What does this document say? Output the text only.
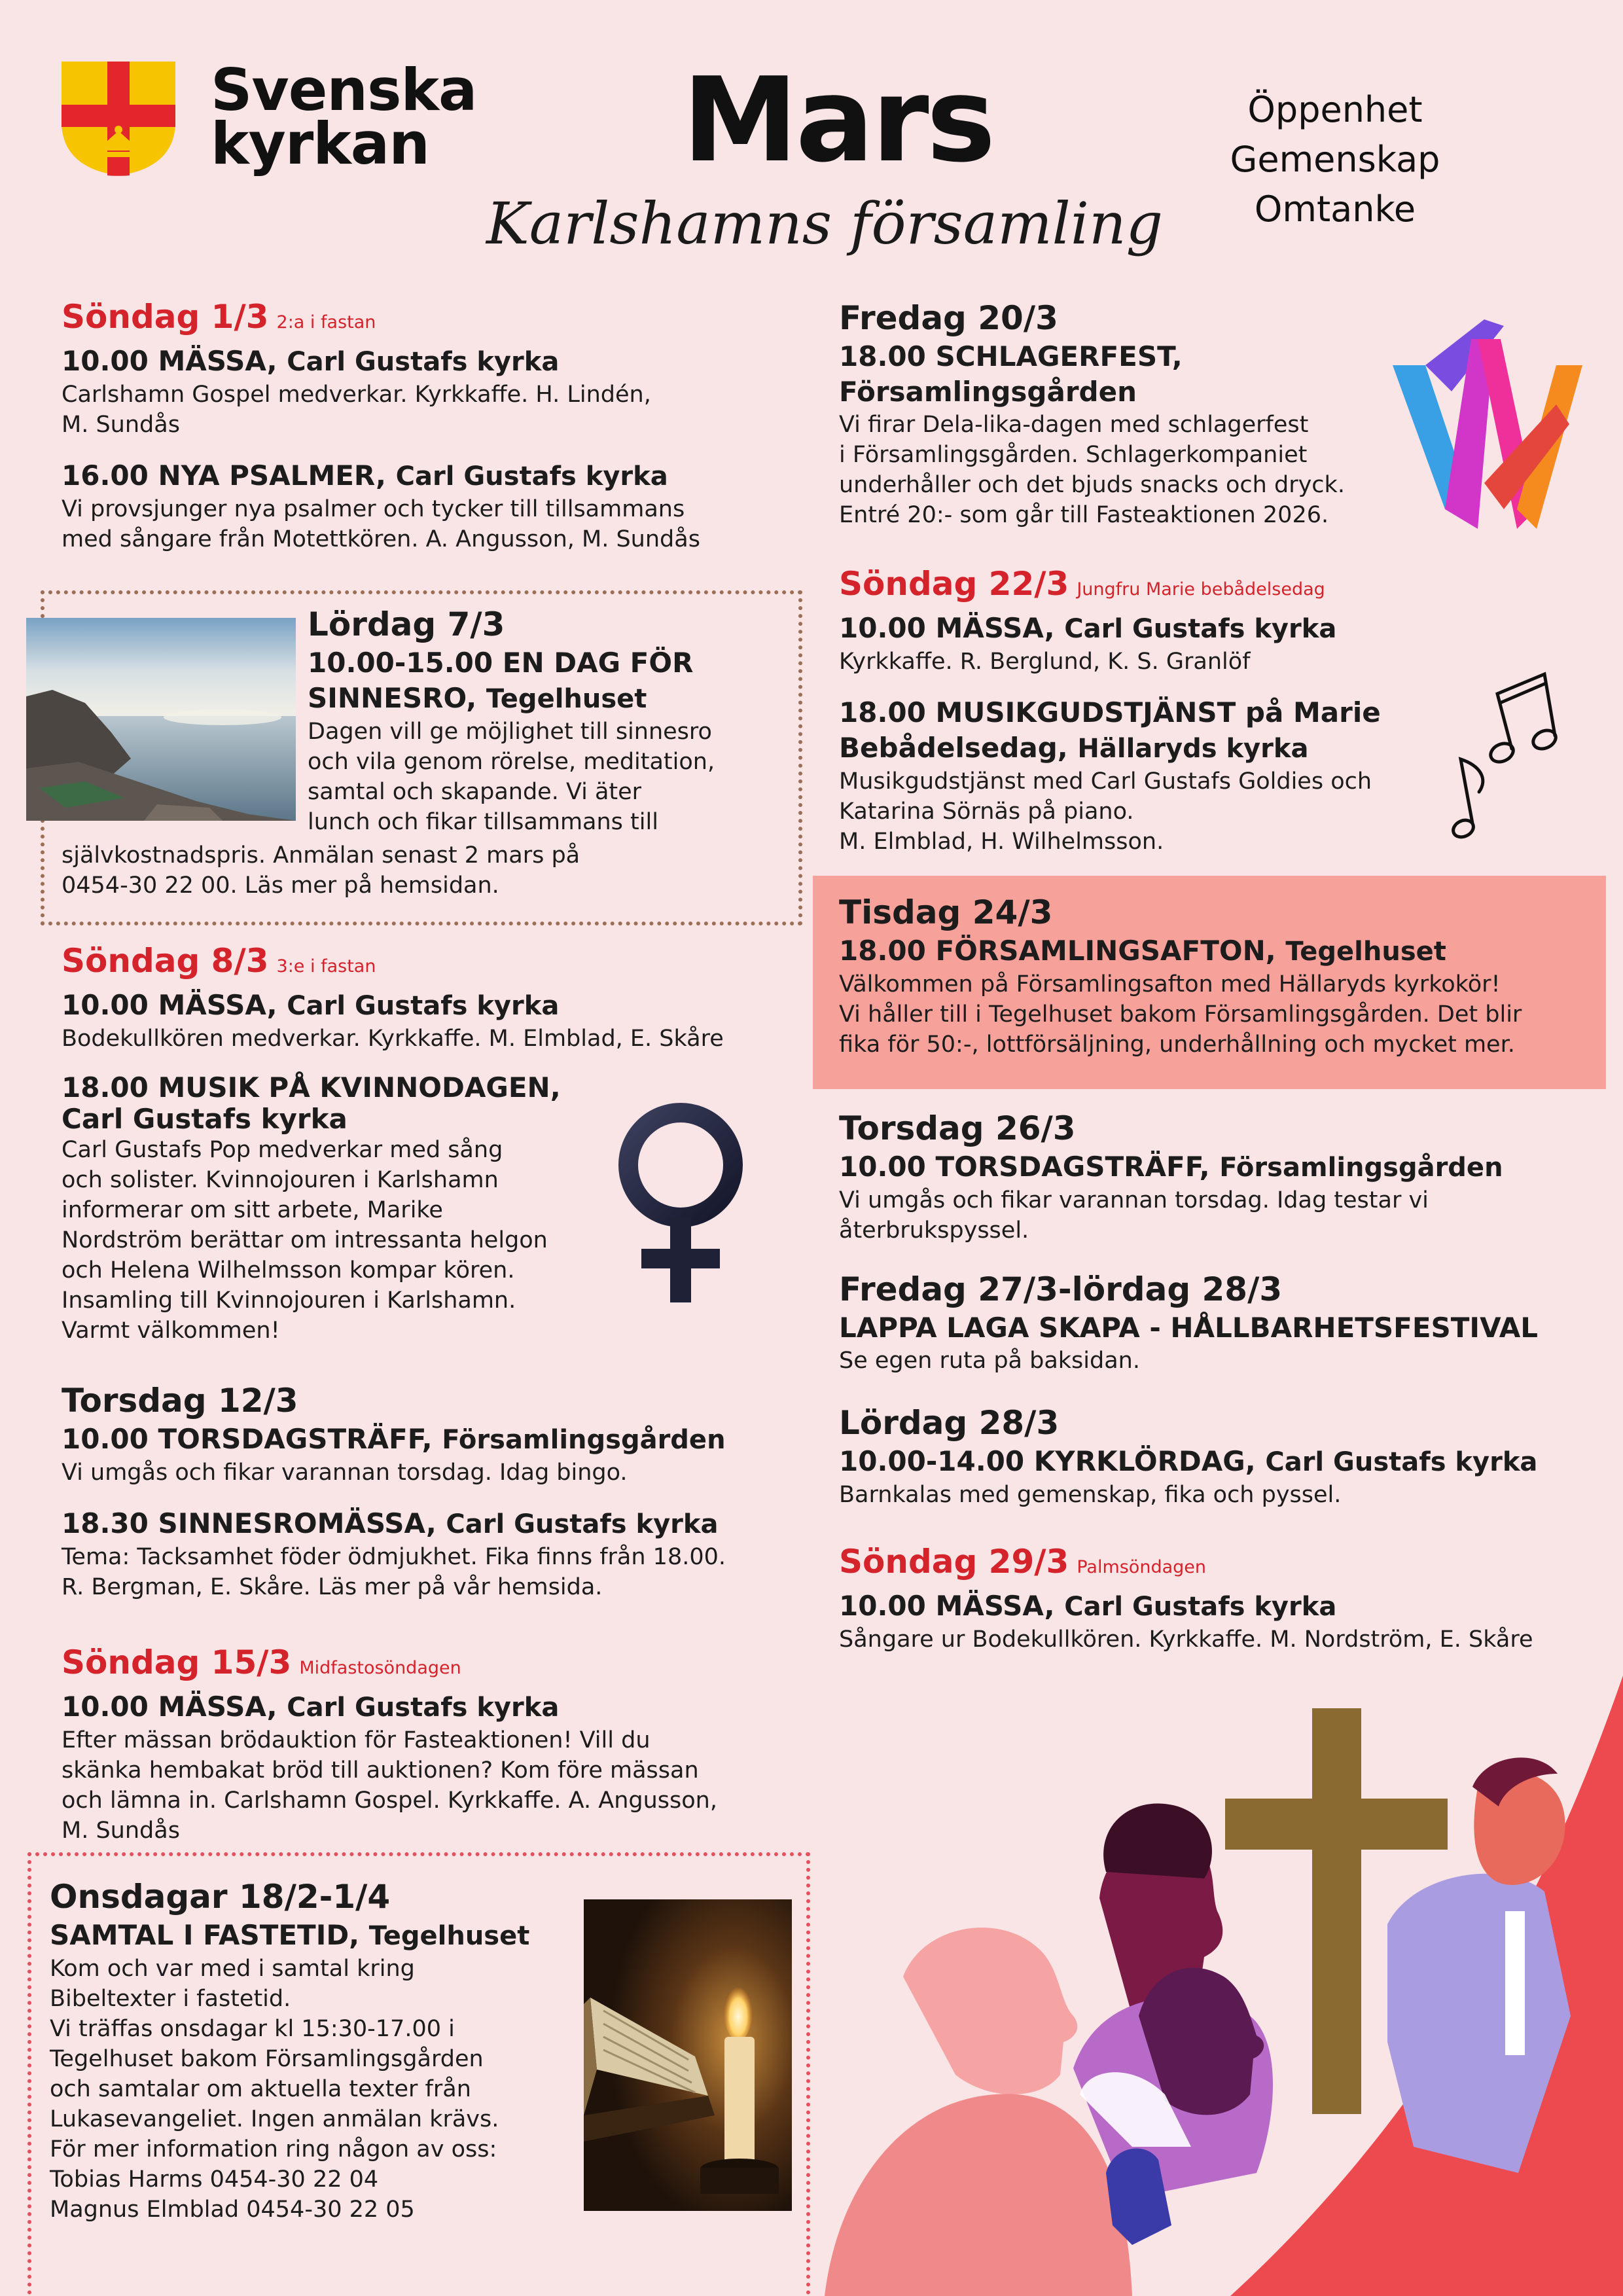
Svenska
kyrkan	Mars
Karlshamns församling
Öppenhet
Gemenskap
Omtanke
Söndag 1/3 2:a i fastan
10.00 MÄSSA, Carl Gustafs kyrka
Carlshamn Gospel medverkar. Kyrkkaffe. H. Lindén,
M. Sundås
16.00 NYA PSALMER, Carl Gustafs kyrka
Vi provsjunger nya psalmer och tycker till tillsammans
med sångare från Motettkören. A. Angusson, M. Sundås
Lördag 7/3
10.00-15.00 EN DAG FÖR
SINNESRO, Tegelhuset
Dagen vill ge möjlighet till sinnesro
och vila genom rörelse, meditation,
samtal och skapande. Vi äter
lunch och fikar tillsammans till
självkostnadspris. Anmälan senast 2 mars på
0454-30 22 00. Läs mer på hemsidan.
Söndag 8/3 3:e i fastan
10.00 MÄSSA, Carl Gustafs kyrka
Bodekullkören medverkar. Kyrkkaffe. M. Elmblad, E. Skåre
18.00 MUSIK PÅ KVINNODAGEN,
Carl Gustafs kyrka
Carl Gustafs Pop medverkar med sång
och solister. Kvinnojouren i Karlshamn
informerar om sitt arbete, Marike
Nordström berättar om intressanta helgon
och Helena Wilhelmsson kompar kören.
Insamling till Kvinnojouren i Karlshamn.
Varmt välkommen!
Torsdag 12/3
10.00 TORSDAGSTRÄFF, Församlingsgården
Vi umgås och fikar varannan torsdag. Idag bingo.
18.30 SINNESROMÄSSA, Carl Gustafs kyrka
Tema: Tacksamhet föder ödmjukhet. Fika finns från 18.00.
R. Bergman, E. Skåre. Läs mer på vår hemsida.
Söndag 15/3 Midfastosöndagen
10.00 MÄSSA, Carl Gustafs kyrka
Efter mässan brödauktion för Fasteaktionen! Vill du
skänka hembakat bröd till auktionen? Kom före mässan
och lämna in. Carlshamn Gospel. Kyrkkaffe. A. Angusson,
M. Sundås
Onsdagar 18/2-1/4
SAMTAL I FASTETID, Tegelhuset
Kom och var med i samtal kring
Bibeltexter i fastetid.
Vi träffas onsdagar kl 15:30-17.00 i
Tegelhuset bakom Församlingsgården
och samtalar om aktuella texter från
Lukasevangeliet. Ingen anmälan krävs.
För mer information ring någon av oss:
Tobias Harms 0454-30 22 04
Magnus Elmblad 0454-30 22 05
Fredag 20/3
18.00 SCHLAGERFEST,
Församlingsgården
Vi firar Dela-lika-dagen med schlagerfest
i Församlingsgården. Schlagerkompaniet
underhåller och det bjuds snacks och dryck.
Entré 20:- som går till Fasteaktionen 2026.
Söndag 22/3 Jungfru Marie bebådelsedag
10.00 MÄSSA, Carl Gustafs kyrka
Kyrkkaffe. R. Berglund, K. S. Granlöf
18.00 MUSIKGUDSTJÄNST på Marie
Bebådelsedag, Hällaryds kyrka
Musikgudstjänst med Carl Gustafs Goldies och
Katarina Sörnäs på piano.
M. Elmblad, H. Wilhelmsson.
Tisdag 24/3
18.00 FÖRSAMLINGSAFTON, Tegelhuset
Välkommen på Församlingsafton med Hällaryds kyrkokör!
Vi håller till i Tegelhuset bakom Församlingsgården. Det blir
fika för 50:-, lottförsäljning, underhållning och mycket mer.
Torsdag 26/3
10.00 TORSDAGSTRÄFF, Församlingsgården
Vi umgås och fikar varannan torsdag. Idag testar vi
återbrukspyssel.
Fredag 27/3-lördag 28/3
LAPPA LAGA SKAPA - HÅLLBARHETSFESTIVAL
Se egen ruta på baksidan.
Lördag 28/3
10.00-14.00 KYRKLÖRDAG, Carl Gustafs kyrka
Barnkalas med gemenskap, fika och pyssel.
Söndag 29/3 Palmsöndagen
10.00 MÄSSA, Carl Gustafs kyrka
Sångare ur Bodekullkören. Kyrkkaffe. M. Nordström, E. Skåre
